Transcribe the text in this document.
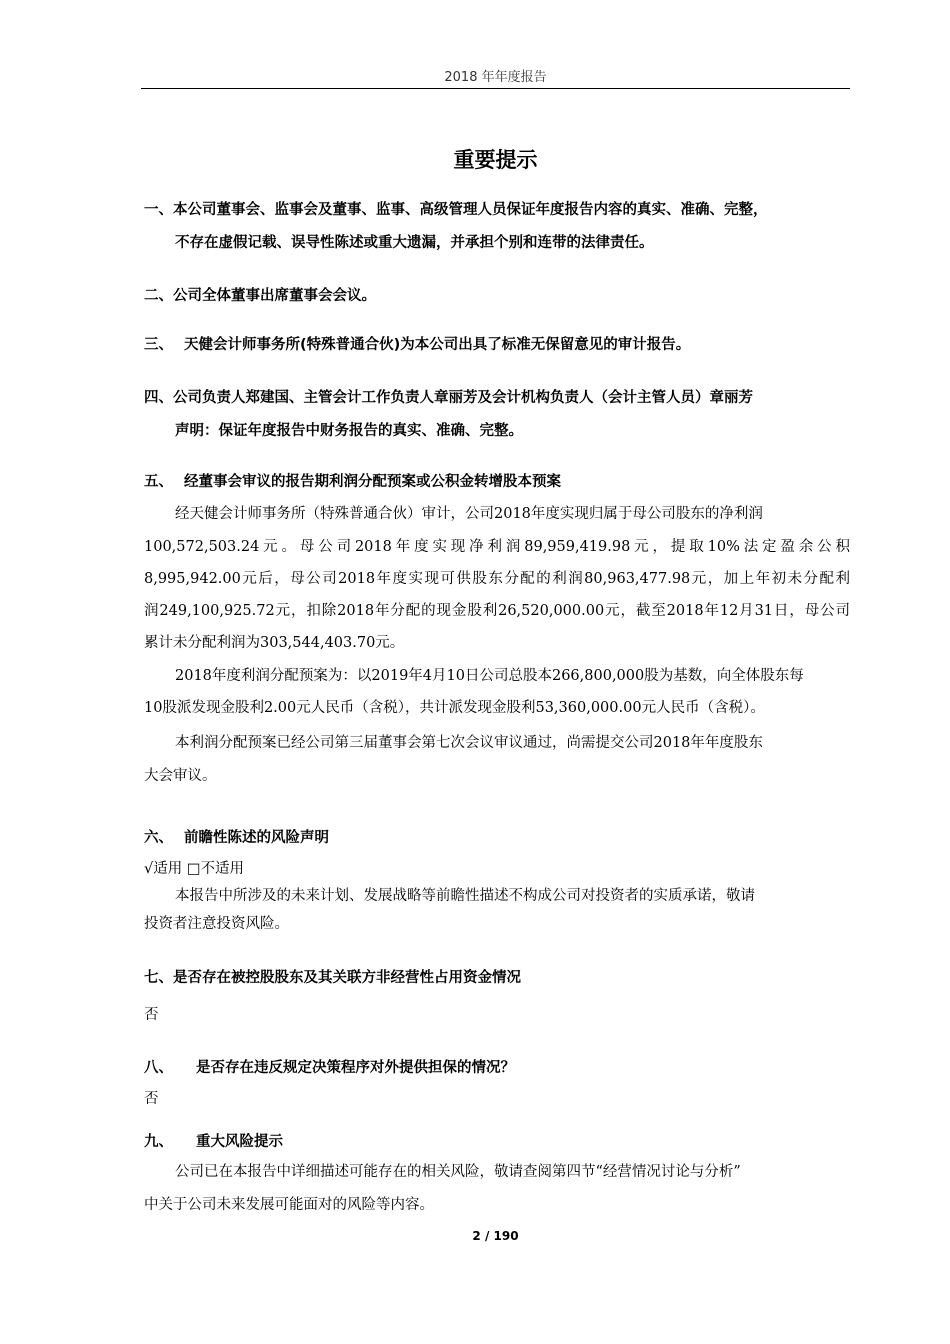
2018 年年度报告
重要提示
一、本公司董事会、监事会及董事、监事、高级管理人员保证年度报告内容的真实、准确、完整，
不存在虚假记载、误导性陈述或重大遗漏，并承担个别和连带的法律责任。
二、公司全体董事出席董事会会议。
三、 天健会计师事务所(特殊普通合伙)为本公司出具了标准无保留意见的审计报告。
四、公司负责人郑建国、主管会计工作负责人章丽芳及会计机构负责人（会计主管人员）章丽芳
声明：保证年度报告中财务报告的真实、准确、完整。
五、 经董事会审议的报告期利润分配预案或公积金转增股本预案
经天健会计师事务所（特殊普通合伙）审计，公司2018年度实现归属于母公司股东的净利润
100,572,503.24元。母公司2018年度实现净利润89,959,419.98元，提取10%法定盈余公积
8,995,942.00元后，母公司2018年度实现可供股东分配的利润80,963,477.98元，加上年初未分配利
润249,100,925.72元，扣除2018年分配的现金股利26,520,000.00元，截至2018年12月31日，母公司
累计未分配利润为303,544,403.70元。
2018年度利润分配预案为：以2019年4月10日公司总股本266,800,000股为基数，向全体股东每
10股派发现金股利2.00元人民币（含税），共计派发现金股利53,360,000.00元人民币（含税）。
本利润分配预案已经公司第三届董事会第七次会议审议通过，尚需提交公司2018年年度股东
大会审议。
六、 前瞻性陈述的风险声明
√适用 □不适用
本报告中所涉及的未来计划、发展战略等前瞻性描述不构成公司对投资者的实质承诺，敬请
投资者注意投资风险。
七、是否存在被控股股东及其关联方非经营性占用资金情况
否
八、 是否存在违反规定决策程序对外提供担保的情况？
否
九、 重大风险提示
公司已在本报告中详细描述可能存在的相关风险，敬请查阅第四节“经营情况讨论与分析”
中关于公司未来发展可能面对的风险等内容。
2 / 190
